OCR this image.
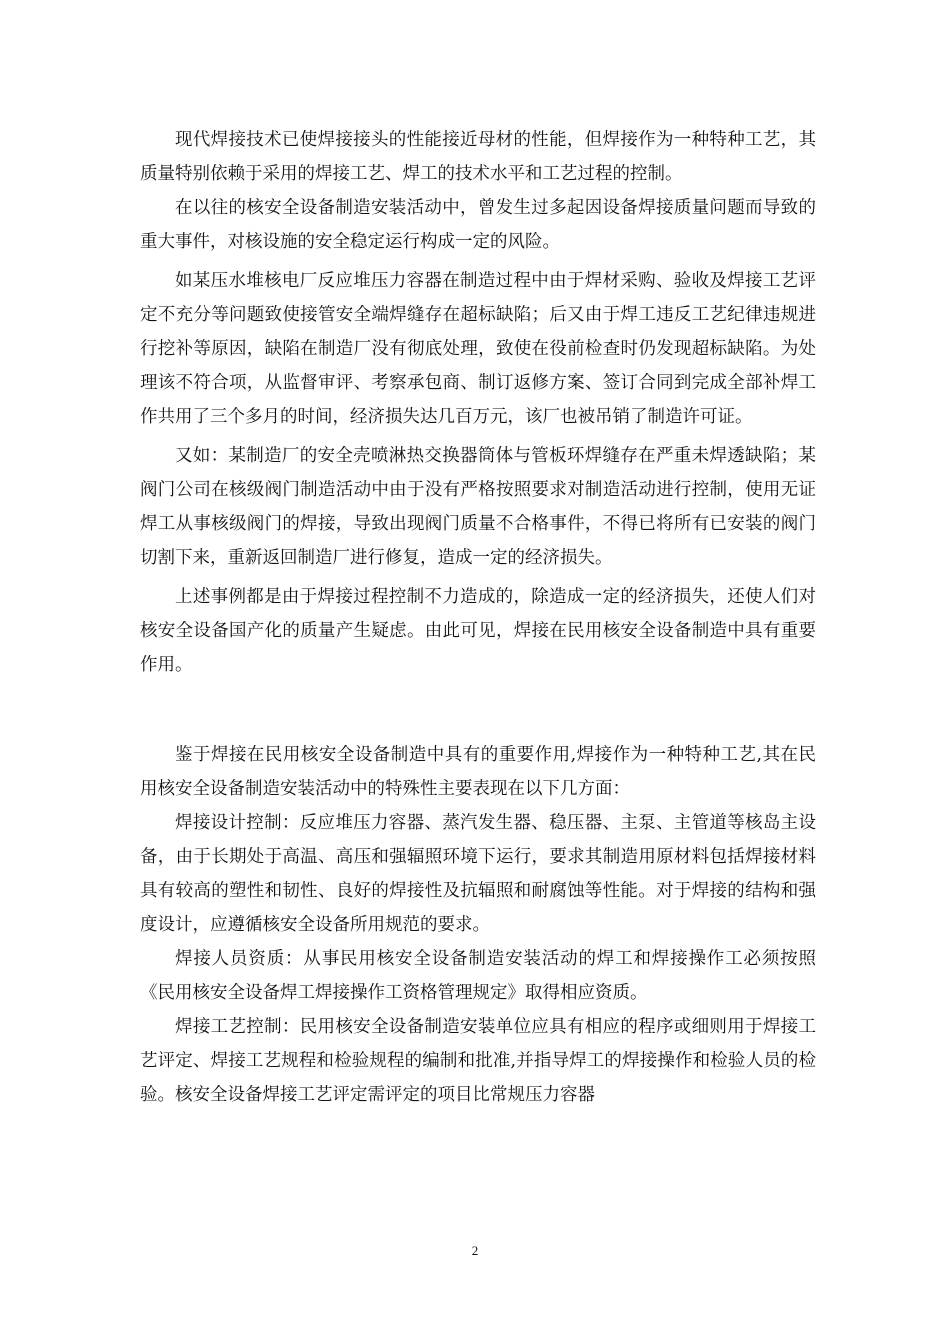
现代焊接技术已使焊接接头的性能接近母材的性能，但焊接作为一种特种工艺，其质量特别依赖于采用的焊接工艺、焊工的技术水平和工艺过程的控制。

在以往的核安全设备制造安装活动中，曾发生过多起因设备焊接质量问题而导致的重大事件，对核设施的安全稳定运行构成一定的风险。

如某压水堆核电厂反应堆压力容器在制造过程中由于焊材采购、验收及焊接工艺评定不充分等问题致使接管安全端焊缝存在超标缺陷；后又由于焊工违反工艺纪律违规进行挖补等原因，缺陷在制造厂没有彻底处理，致使在役前检查时仍发现超标缺陷。为处理该不符合项，从监督审评、考察承包商、制订返修方案、签订合同到完成全部补焊工作共用了三个多月的时间，经济损失达几百万元，该厂也被吊销了制造许可证。

又如：某制造厂的安全壳喷淋热交换器筒体与管板环焊缝存在严重未焊透缺陷；某阀门公司在核级阀门制造活动中由于没有严格按照要求对制造活动进行控制，使用无证焊工从事核级阀门的焊接，导致出现阀门质量不合格事件，不得已将所有已安装的阀门切割下来，重新返回制造厂进行修复，造成一定的经济损失。

上述事例都是由于焊接过程控制不力造成的，除造成一定的经济损失，还使人们对核安全设备国产化的质量产生疑虑。由此可见，焊接在民用核安全设备制造中具有重要作用。

鉴于焊接在民用核安全设备制造中具有的重要作用,焊接作为一种特种工艺,其在民用核安全设备制造安装活动中的特殊性主要表现在以下几方面：

焊接设计控制：反应堆压力容器、蒸汽发生器、稳压器、主泵、主管道等核岛主设备，由于长期处于高温、高压和强辐照环境下运行，要求其制造用原材料包括焊接材料具有较高的塑性和韧性、良好的焊接性及抗辐照和耐腐蚀等性能。对于焊接的结构和强度设计，应遵循核安全设备所用规范的要求。

焊接人员资质：从事民用核安全设备制造安装活动的焊工和焊接操作工必须按照《民用核安全设备焊工焊接操作工资格管理规定》取得相应资质。

焊接工艺控制：民用核安全设备制造安装单位应具有相应的程序或细则用于焊接工艺评定、焊接工艺规程和检验规程的编制和批准,并指导焊工的焊接操作和检验人员的检验。核安全设备焊接工艺评定需评定的项目比常规压力容器

2
